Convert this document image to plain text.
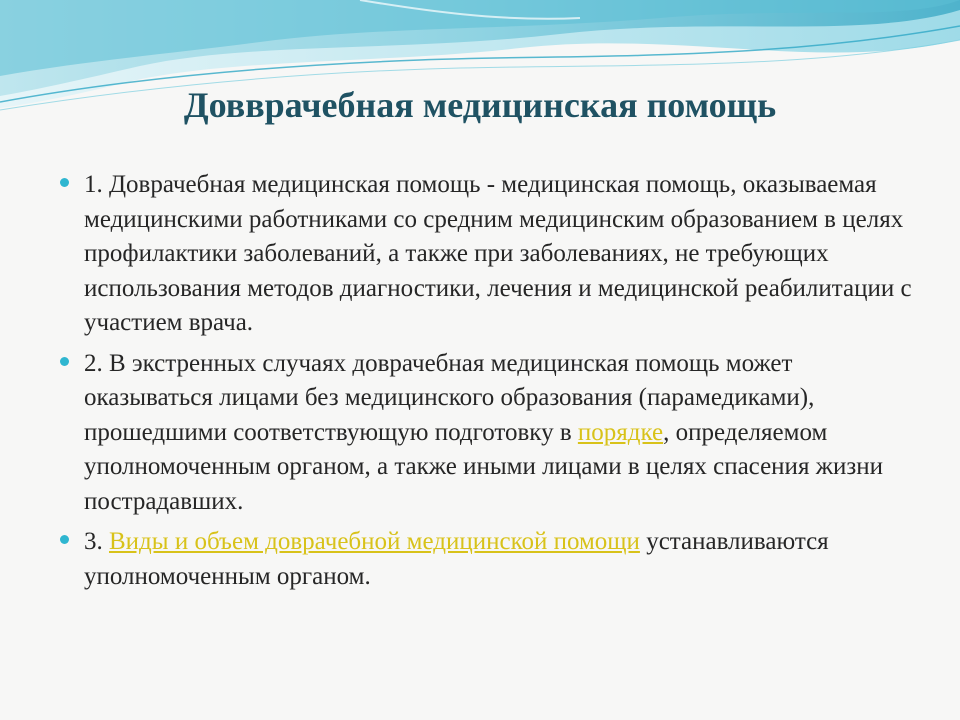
Довврачебная медицинская помощь
1. Доврачебная медицинская помощь - медицинская помощь, оказываемая медицинскими работниками со средним медицинским образованием в целях профилактики заболеваний, а также при заболеваниях, не требующих использования методов диагностики, лечения и медицинской реабилитации с участием врача.
2. В экстренных случаях доврачебная медицинская помощь может оказываться лицами без медицинского образования (парамедиками), прошедшими соответствующую подготовку в порядке, определяемом уполномоченным органом, а также иными лицами в целях спасения жизни пострадавших.
3. Виды и объем доврачебной медицинской помощи устанавливаются уполномоченным органом.
